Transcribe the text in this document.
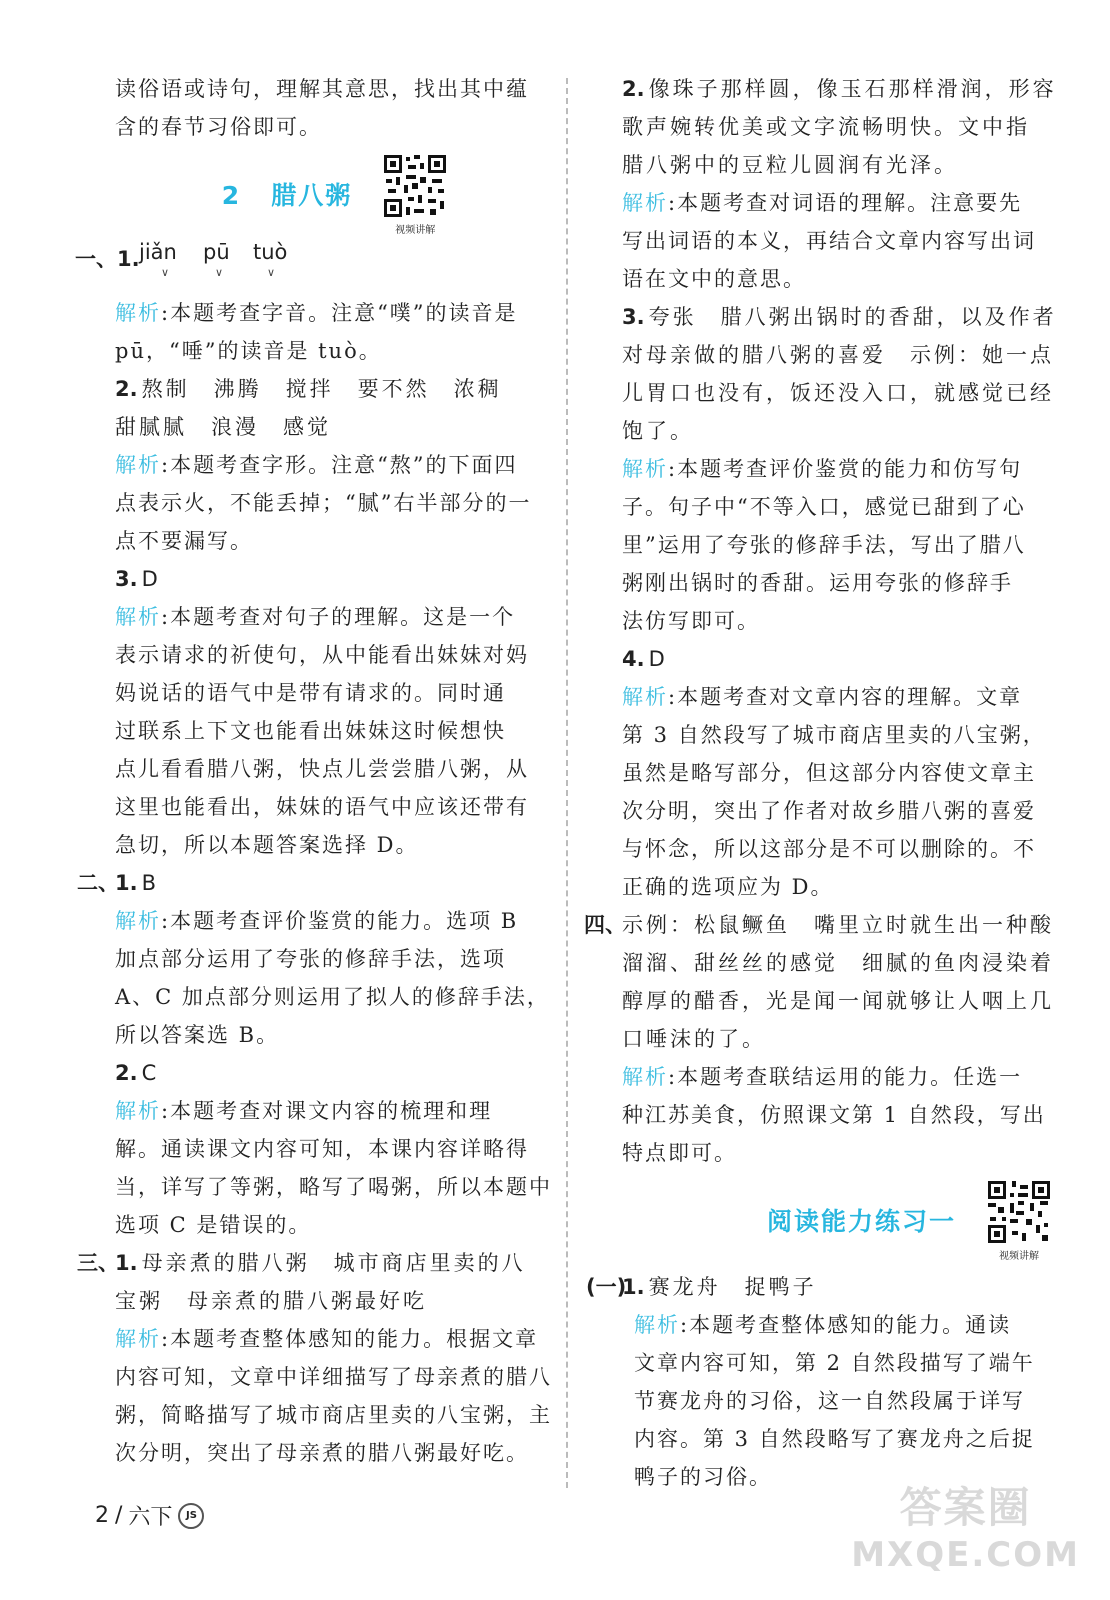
读俗语或诗句，理解其意思，找出其中蕴

含的春节习俗即可。

2 腊八粥
视频讲解
一、 1. jiǎn
∨
pū
∨
tuò
∨

解析:本题考查字音。注意“噗”的读音是

pū，“唾”的读音是 tuò。

2. 熬制　沸腾　搅拌　要不然　浓稠

甜腻腻　浪漫　感觉

解析:本题考查字形。注意“熬”的下面四

点表示火，不能丢掉；“腻”右半部分的一

点不要漏写。

3. D

解析:本题考查对句子的理解。这是一个

表示请求的祈使句，从中能看出妹妹对妈

妈说话的语气中是带有请求的。同时通

过联系上下文也能看出妹妹这时候想快

点儿看看腊八粥，快点儿尝尝腊八粥，从

这里也能看出，妹妹的语气中应该还带有

急切，所以本题答案选择 D。

二、
1. B

解析:本题考查评价鉴赏的能力。选项 B

加点部分运用了夸张的修辞手法，选项

A、C 加点部分则运用了拟人的修辞手法，

所以答案选 B。

2. C

解析:本题考查对课文内容的梳理和理

解。通读课文内容可知，本课内容详略得

当，详写了等粥，略写了喝粥，所以本题中

选项 C 是错误的。

三、
1. 母亲煮的腊八粥　城市商店里卖的八

宝粥　母亲煮的腊八粥最好吃

解析:本题考查整体感知的能力。根据文章

内容可知，文章中详细描写了母亲煮的腊八

粥，简略描写了城市商店里卖的八宝粥，主

次分明，突出了母亲煮的腊八粥最好吃。

2. 像珠子那样圆，像玉石那样滑润，形容

歌声婉转优美或文字流畅明快。文中指

腊八粥中的豆粒儿圆润有光泽。

解析:本题考查对词语的理解。注意要先

写出词语的本义，再结合文章内容写出词

语在文中的意思。

3. 夸张　腊八粥出锅时的香甜，以及作者

对母亲做的腊八粥的喜爱　示例：她一点

儿胃口也没有，饭还没入口，就感觉已经

饱了。

解析:本题考查评价鉴赏的能力和仿写句

子。句子中“不等入口，感觉已甜到了心

里”运用了夸张的修辞手法，写出了腊八

粥刚出锅时的香甜。运用夸张的修辞手

法仿写即可。

4. D

解析:本题考查对文章内容的理解。文章

第 3 自然段写了城市商店里卖的八宝粥，

虽然是略写部分，但这部分内容使文章主

次分明，突出了作者对故乡腊八粥的喜爱

与怀念，所以这部分是不可以删除的。不

正确的选项应为 D。

四、
示例：松鼠鳜鱼　嘴里立时就生出一种酸

溜溜、甜丝丝的感觉　细腻的鱼肉浸染着

醇厚的醋香，光是闻一闻就够让人咽上几

口唾沫的了。

解析:本题考查联结运用的能力。任选一

种江苏美食，仿照课文第 1 自然段，写出

特点即可。

阅读能力练习一
视频讲解

(一)
1. 赛龙舟　捉鸭子

解析:本题考查整体感知的能力。通读

文章内容可知，第 2 自然段描写了端午

节赛龙舟的习俗，这一自然段属于详写

内容。第 3 自然段略写了赛龙舟之后捉

鸭子的习俗。

2 / 六下	JS	答案圈
MXQE.COM
